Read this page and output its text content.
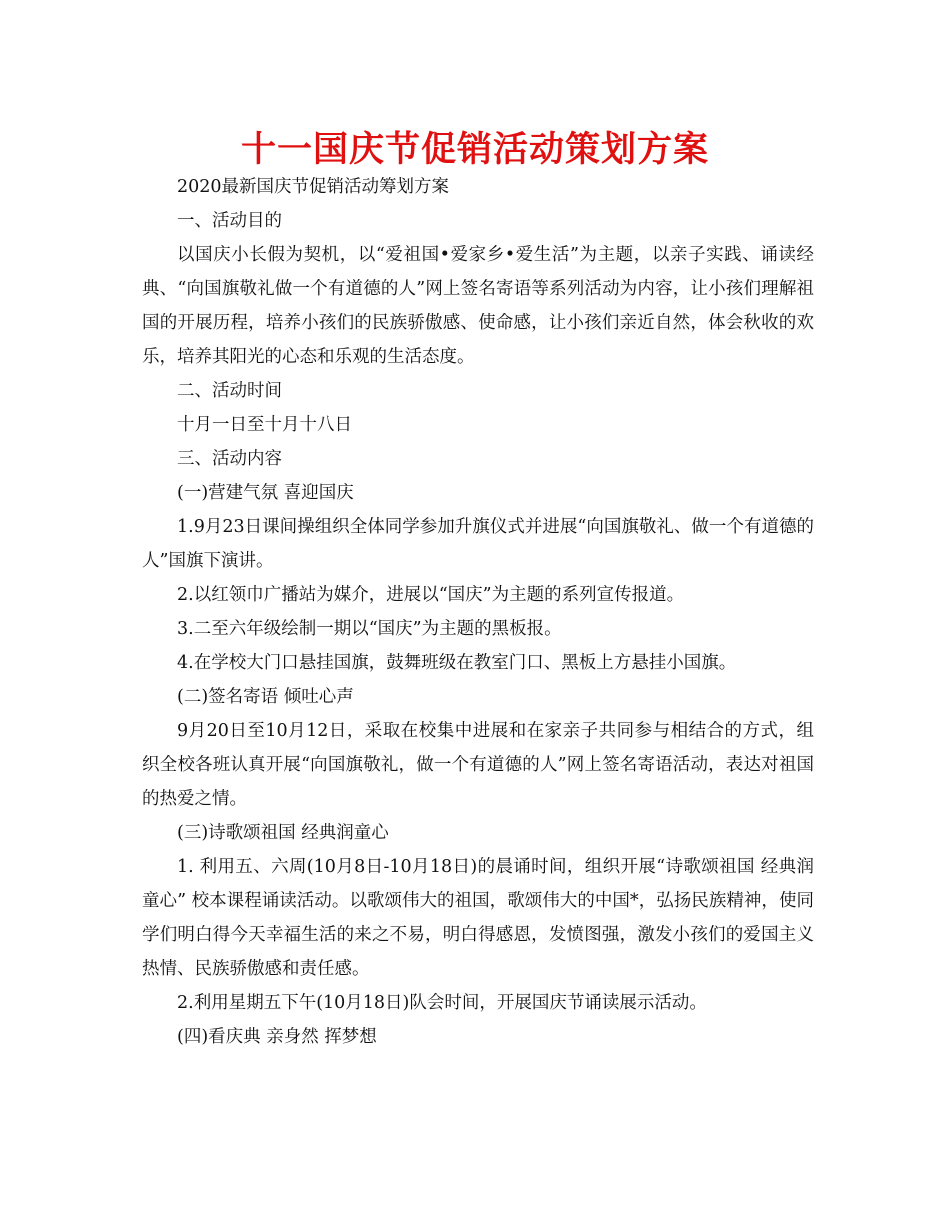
十一国庆节促销活动策划方案

2020最新国庆节促销活动筹划方案

一、活动目的

以国庆小长假为契机，以“爱祖国•爱家乡•爱生活”为主题，以亲子实践、诵读经典、“向国旗敬礼做一个有道德的人”网上签名寄语等系列活动为内容，让小孩们理解祖国的开展历程，培养小孩们的民族骄傲感、使命感，让小孩们亲近自然，体会秋收的欢乐，培养其阳光的心态和乐观的生活态度。

二、活动时间

十月一日至十月十八日

三、活动内容

(一)营建气氛 喜迎国庆

1.9月23日课间操组织全体同学参加升旗仪式并进展“向国旗敬礼、做一个有道德的人”国旗下演讲。

2.以红领巾广播站为媒介，进展以“国庆”为主题的系列宣传报道。

3.二至六年级绘制一期以“国庆”为主题的黑板报。

4.在学校大门口悬挂国旗，鼓舞班级在教室门口、黑板上方悬挂小国旗。

(二)签名寄语 倾吐心声

9月20日至10月12日，采取在校集中进展和在家亲子共同参与相结合的方式，组织全校各班认真开展“向国旗敬礼，做一个有道德的人”网上签名寄语活动，表达对祖国的热爱之情。

(三)诗歌颂祖国 经典润童心

1. 利用五、六周(10月8日-10月18日)的晨诵时间，组织开展“诗歌颂祖国 经典润童心” 校本课程诵读活动。以歌颂伟大的祖国，歌颂伟大的中国*，弘扬民族精神，使同学们明白得今天幸福生活的来之不易，明白得感恩，发愤图强，激发小孩们的爱国主义热情、民族骄傲感和责任感。

2.利用星期五下午(10月18日)队会时间，开展国庆节诵读展示活动。

(四)看庆典 亲身然 挥梦想
